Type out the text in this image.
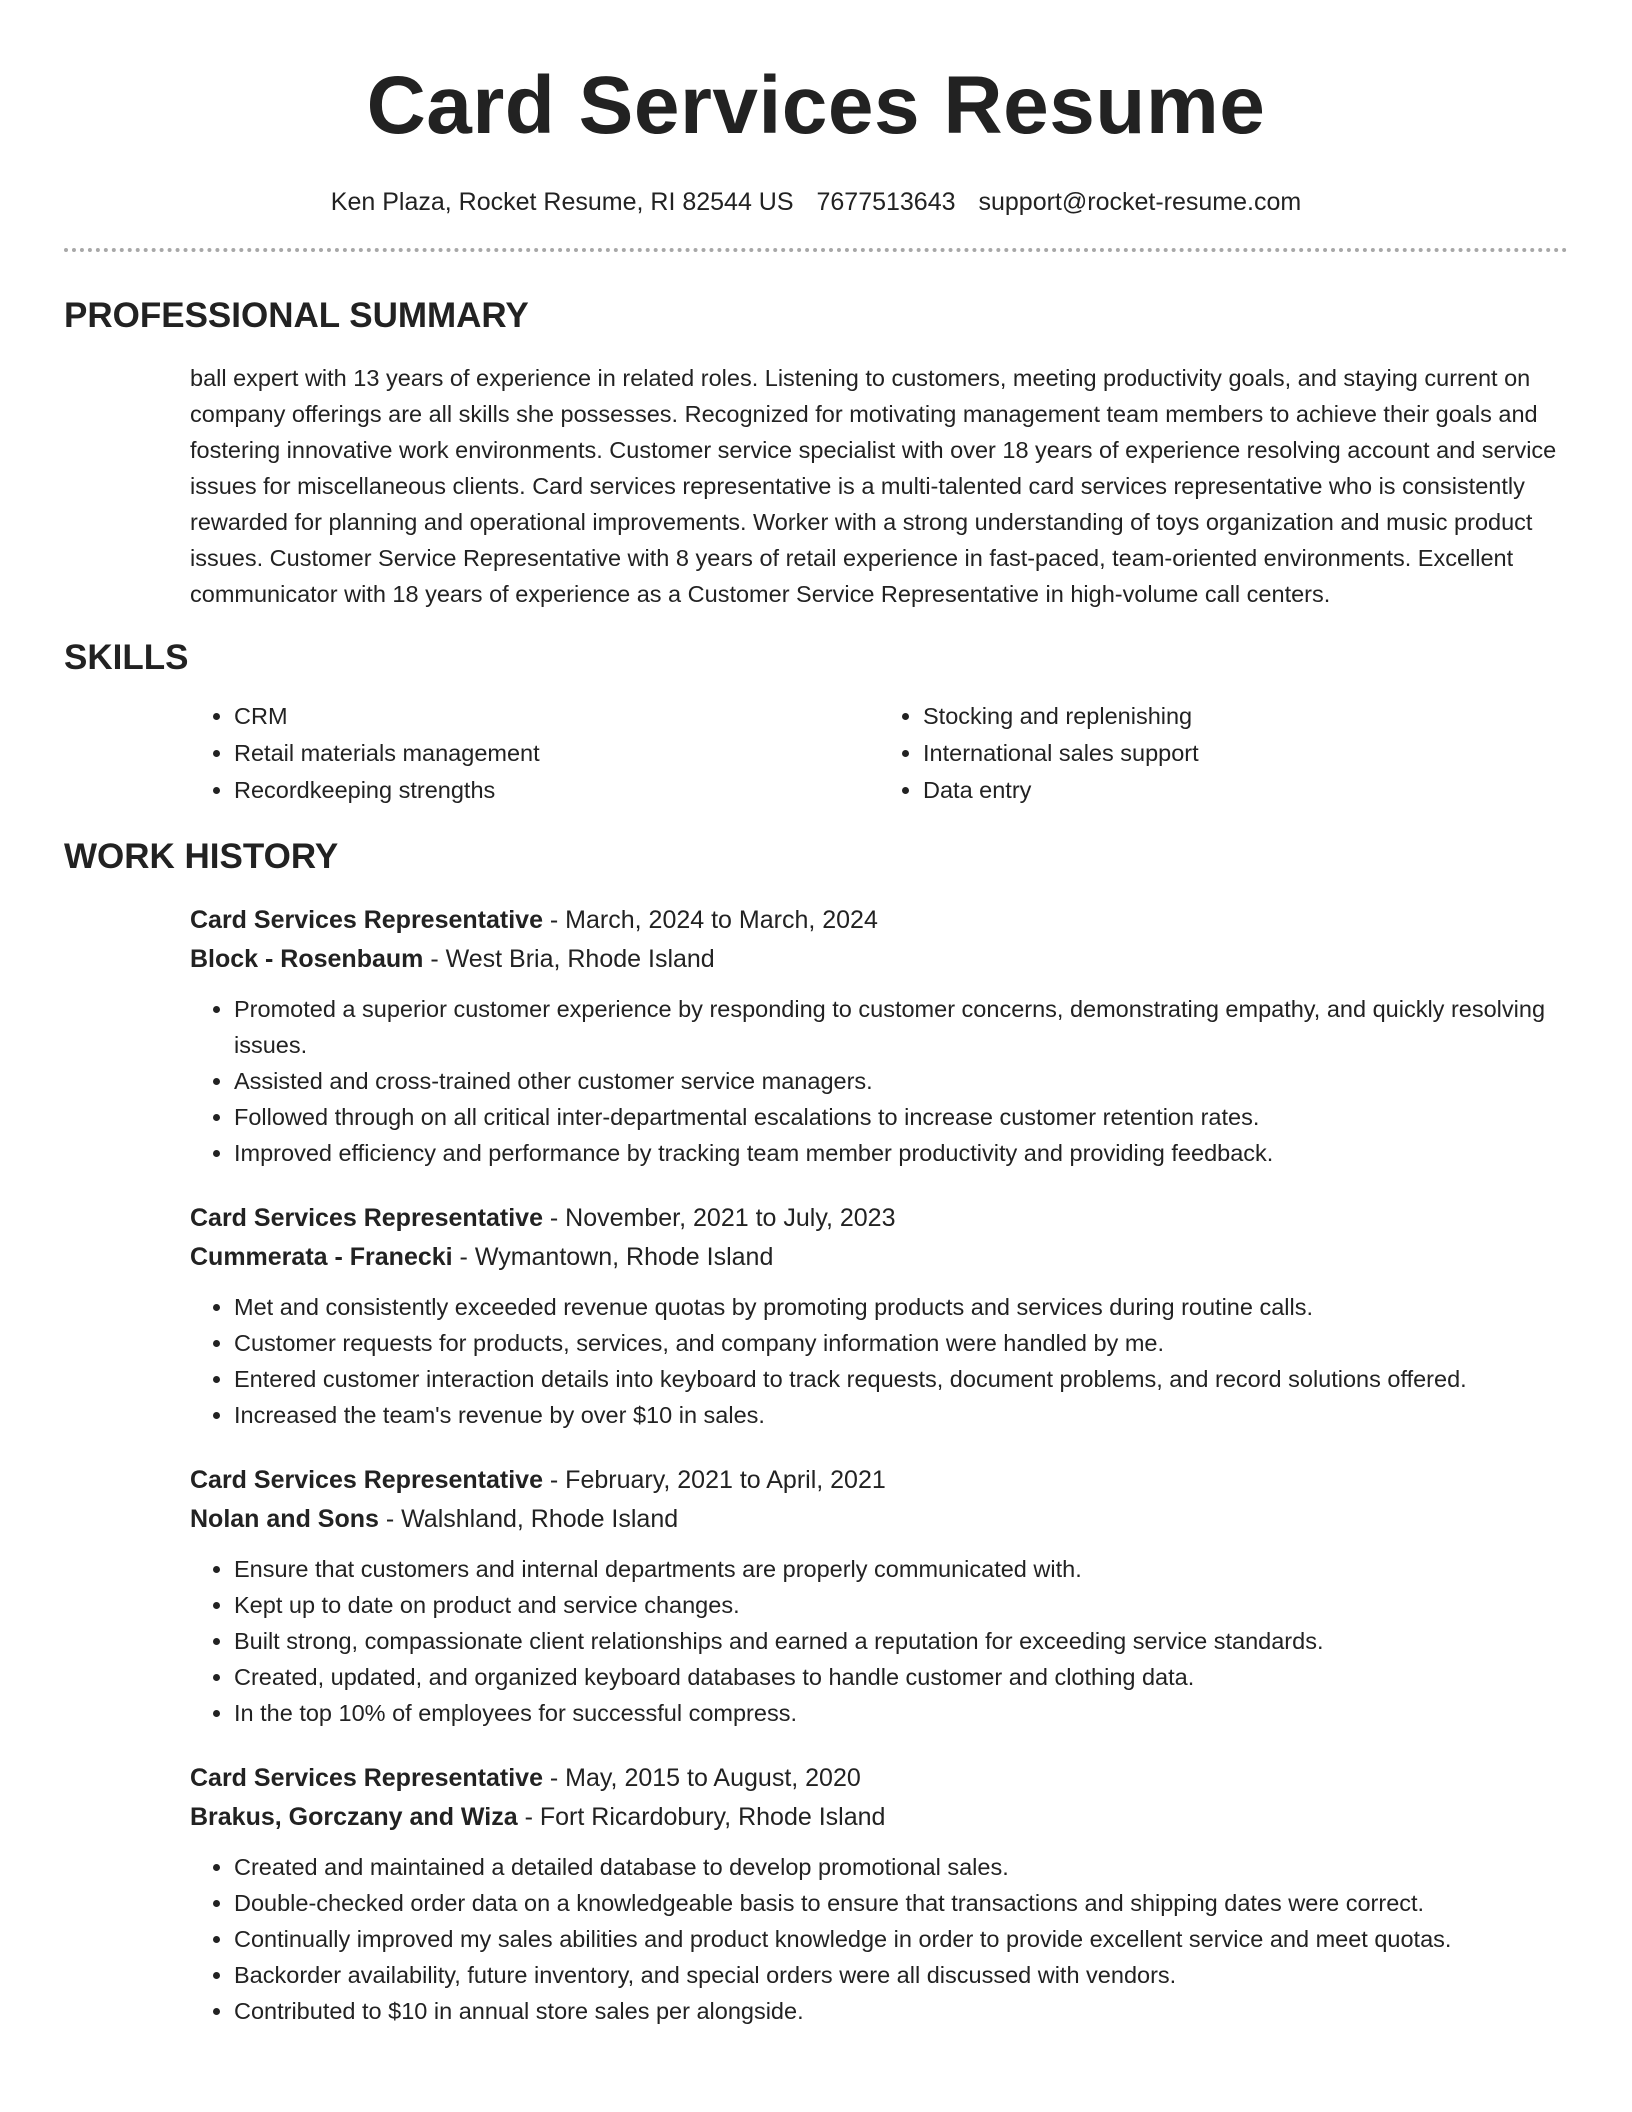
Card Services Resume
Ken Plaza, Rocket Resume, RI 82544 US 7677513643 support@rocket-resume.com
PROFESSIONAL SUMMARY

ball expert with 13 years of experience in related roles. Listening to customers, meeting productivity goals, and staying current on company offerings are all skills she possesses. Recognized for motivating management team members to achieve their goals and fostering innovative work environments. Customer service specialist with over 18 years of experience resolving account and service issues for miscellaneous clients. Card services representative is a multi-talented card services representative who is consistently rewarded for planning and operational improvements. Worker with a strong understanding of toys organization and music product issues. Customer Service Representative with 8 years of retail experience in fast-paced, team-oriented environments. Excellent communicator with 18 years of experience as a Customer Service Representative in high-volume call centers.

SKILLS
• CRM
• Retail materials management
• Recordkeeping strengths
• Stocking and replenishing
• International sales support
• Data entry
WORK HISTORY
Card Services Representative - March, 2024 to March, 2024
Block - Rosenbaum - West Bria, Rhode Island
• Promoted a superior customer experience by responding to customer concerns, demonstrating empathy, and quickly resolving issues.
• Assisted and cross-trained other customer service managers.
• Followed through on all critical inter-departmental escalations to increase customer retention rates.
• Improved efficiency and performance by tracking team member productivity and providing feedback.
Card Services Representative - November, 2021 to July, 2023
Cummerata - Franecki - Wymantown, Rhode Island
• Met and consistently exceeded revenue quotas by promoting products and services during routine calls.
• Customer requests for products, services, and company information were handled by me.
• Entered customer interaction details into keyboard to track requests, document problems, and record solutions offered.
• Increased the team's revenue by over $10 in sales.
Card Services Representative - February, 2021 to April, 2021
Nolan and Sons - Walshland, Rhode Island
• Ensure that customers and internal departments are properly communicated with.
• Kept up to date on product and service changes.
• Built strong, compassionate client relationships and earned a reputation for exceeding service standards.
• Created, updated, and organized keyboard databases to handle customer and clothing data.
• In the top 10% of employees for successful compress.
Card Services Representative - May, 2015 to August, 2020
Brakus, Gorczany and Wiza - Fort Ricardobury, Rhode Island
• Created and maintained a detailed database to develop promotional sales.
• Double-checked order data on a knowledgeable basis to ensure that transactions and shipping dates were correct.
• Continually improved my sales abilities and product knowledge in order to provide excellent service and meet quotas.
• Backorder availability, future inventory, and special orders were all discussed with vendors.
• Contributed to $10 in annual store sales per alongside.
